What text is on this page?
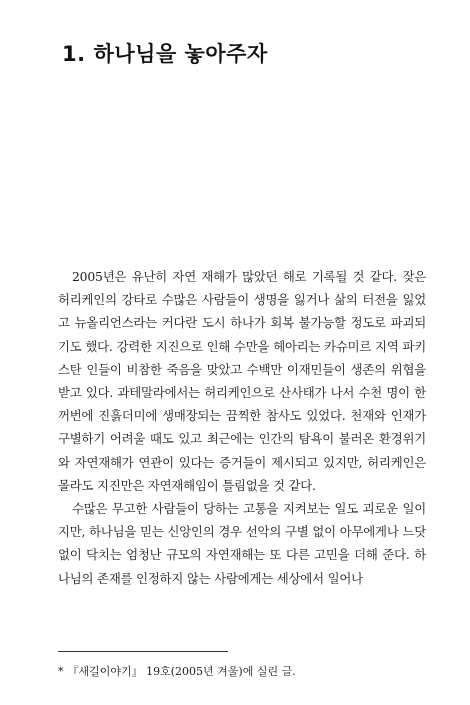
1. 하나님을 놓아주자

2005년은 유난히 자연 재해가 많았던 해로 기록될 것 같다. 잦은 허리케인의 강타로 수많은 사람들이 생명을 잃거나 삶의 터전을 잃었고 뉴올리언스라는 커다란 도시 하나가 회복 불가능할 정도로 파괴되기도 했다. 강력한 지진으로 인해 수만을 헤아리는 카슈미르 지역 파키스탄 인들이 비참한 죽음을 맞았고 수백만 이재민들이 생존의 위협을 받고 있다. 과테말라에서는 허리케인으로 산사태가 나서 수천 명이 한꺼번에 진흙더미에 생매장되는 끔찍한 참사도 있었다. 천재와 인재가 구별하기 어려울 때도 있고 최근에는 인간의 탐욕이 불러온 환경위기와 자연재해가 연관이 있다는 증거들이 제시되고 있지만, 허리케인은 몰라도 지진만은 자연재해임이 틀림없을 것 같다.

수많은 무고한 사람들이 당하는 고통을 지켜보는 일도 괴로운 일이지만, 하나님을 믿는 신앙인의 경우 선악의 구별 없이 아무에게나 느닷없이 닥치는 엄청난 규모의 자연재해는 또 다른 고민을 더해 준다. 하나님의 존재를 인정하지 않는 사람에게는 세상에서 일어나

* 『새길이야기』 19호(2005년 겨울)에 실린 글.
